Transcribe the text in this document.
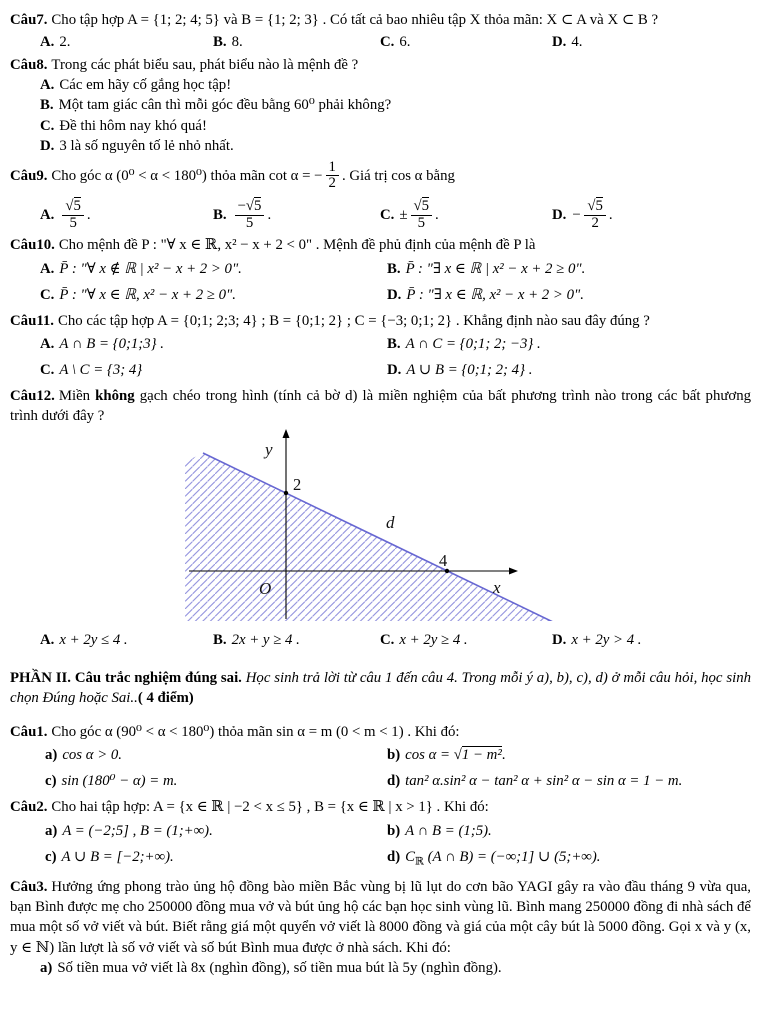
Câu7. Cho tập hợp A = {1; 2; 4; 5} và B = {1; 2; 3} . Có tất cả bao nhiêu tập X thỏa mãn: X ⊂ A và X ⊂ B ?
A. 2.	B. 8.	C. 6.	D. 4.
Câu8. Trong các phát biểu sau, phát biểu nào là mệnh đề ?
A. Các em hãy cố gắng học tập!
B. Một tam giác cân thì mỗi góc đều bằng 60⁰ phải không?
C. Đề thi hôm nay khó quá!
D. 3 là số nguyên tố lẻ nhỏ nhất.
Câu9. Cho góc α (0⁰ < α < 180⁰) thỏa mãn cot α = − $\frac{1}{2}$ . Giá trị cos α bằng
A. $\frac{√5}{5}$ .	B. $\frac{-√5}{5}$ .	C. ± $\frac{√5}{5}$ .	D. − $\frac{√5}{2}$ .
Câu10. Cho mệnh đề P : "∀ x ∈ ℝ, x² − x + 2 < 0" . Mệnh đề phủ định của mệnh đề P là
A. P̄ : "∀ x ∉ ℝ | x² − x + 2 > 0".	B. P̄ : "∃ x ∈ ℝ | x² − x + 2 ≥ 0".
C. P̄ : "∀ x ∈ ℝ, x² − x + 2 ≥ 0".	D. P̄ : "∃ x ∈ ℝ, x² − x + 2 > 0".
Câu11. Cho các tập hợp A = {0;1; 2;3; 4} ; B = {0;1; 2} ; C = {−3; 0;1; 2} . Khẳng định nào sau đây đúng ?
A. A ∩ B = {0;1;3} .	B. A ∩ C = {0;1; 2; −3} .
C. A \ C = {3; 4}	D. A ∪ B = {0;1; 2; 4} .
Câu12. Miền không gạch chéo trong hình (tính cả bờ d) là miền nghiệm của bất phương trình nào trong các bất phương trình dưới đây ?
y
2
d
4
O	x
A. x + 2y ≤ 4 .	B. 2x + y ≥ 4 .	C. x + 2y ≥ 4 .	D. x + 2y > 4 .
PHẦN II. Câu trắc nghiệm đúng sai. Học sinh trả lời từ câu 1 đến câu 4. Trong mỗi ý a), b), c), d) ở mỗi câu hỏi, học sinh chọn Đúng hoặc Sai..( 4 điểm)
Câu1. Cho góc α (90⁰ < α < 180⁰) thỏa mãn sin α = m (0 < m < 1) . Khi đó:
a) cos α > 0.	b) cos α = √1 − m².
c) sin (180⁰ − α) = m.	d) tan² α.sin² α − tan² α + sin² α − sin α = 1 − m.
Câu2. Cho hai tập hợp: A = {x ∈ ℝ | −2 < x ≤ 5} , B = {x ∈ ℝ | x > 1} . Khi đó:
a) A = (−2;5] , B = (1;+∞).	b) A ∩ B = (1;5).
c) A ∪ B = [−2;+∞).	d) $C_ℝ$ (A ∩ B) = (−∞;1] ∪ (5;+∞).
Câu3. Hưởng ứng phong trào ủng hộ đồng bào miền Bắc vùng bị lũ lụt do cơn bão YAGI gây ra vào đầu tháng 9 vừa qua, bạn Bình được mẹ cho 250000 đồng mua vở và bút ủng hộ các bạn học sinh vùng lũ. Bình mang 250000 đồng đi nhà sách để mua một số vở viết và bút. Biết rằng giá một quyển vở viết là 8000 đồng và giá của một cây bút là 5000 đồng. Gọi x và y (x, y ∈ ℕ) lần lượt là số vở viết và số bút Bình mua được ở nhà sách. Khi đó:
a) Số tiền mua vở viết là 8x (nghìn đồng), số tiền mua bút là 5y (nghìn đồng).
